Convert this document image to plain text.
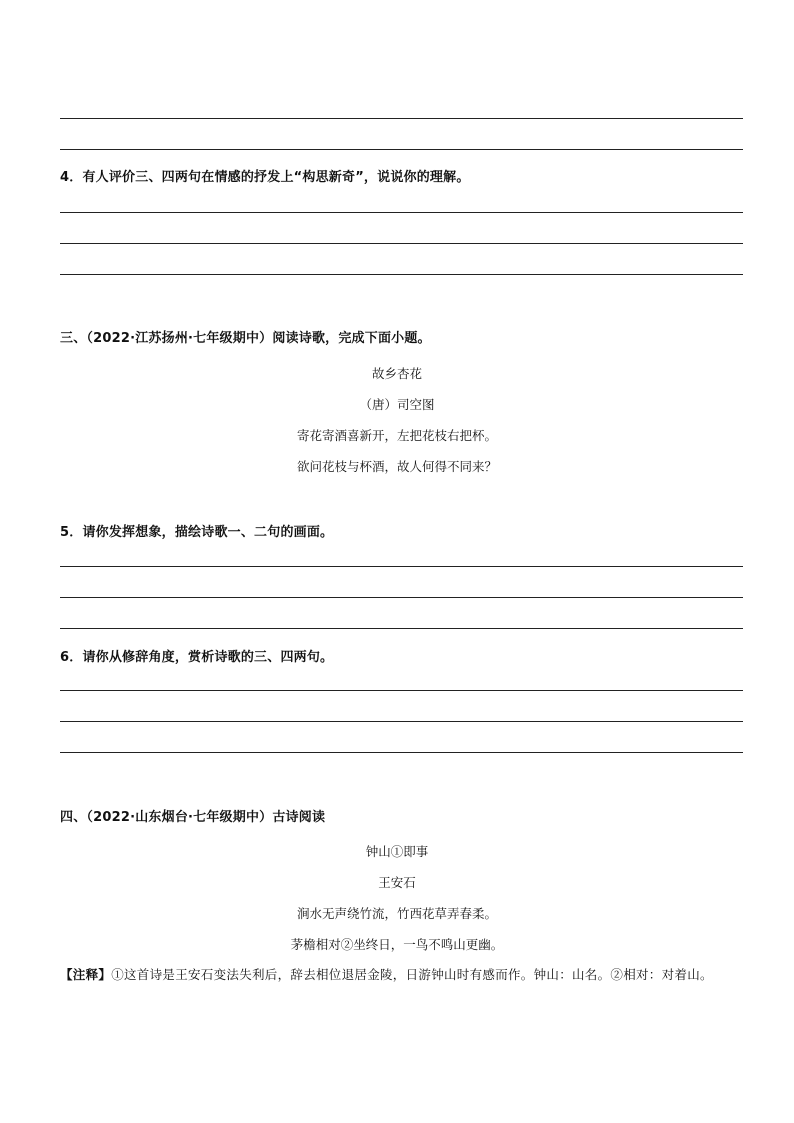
4．有人评价三、四两句在情感的抒发上“构思新奇”，说说你的理解。
三、（2022·江苏扬州·七年级期中）阅读诗歌，完成下面小题。
故乡杏花
（唐）司空图
寄花寄酒喜新开，左把花枝右把杯。
欲问花枝与杯酒，故人何得不同来？
5．请你发挥想象，描绘诗歌一、二句的画面。
6．请你从修辞角度，赏析诗歌的三、四两句。
四、（2022·山东烟台·七年级期中）古诗阅读
钟山①即事
王安石
涧水无声绕竹流，竹西花草弄春柔。
茅檐相对②坐终日，一鸟不鸣山更幽。
【注释】①这首诗是王安石变法失利后，辞去相位退居金陵，日游钟山时有感而作。钟山：山名。②相对：对着山。
